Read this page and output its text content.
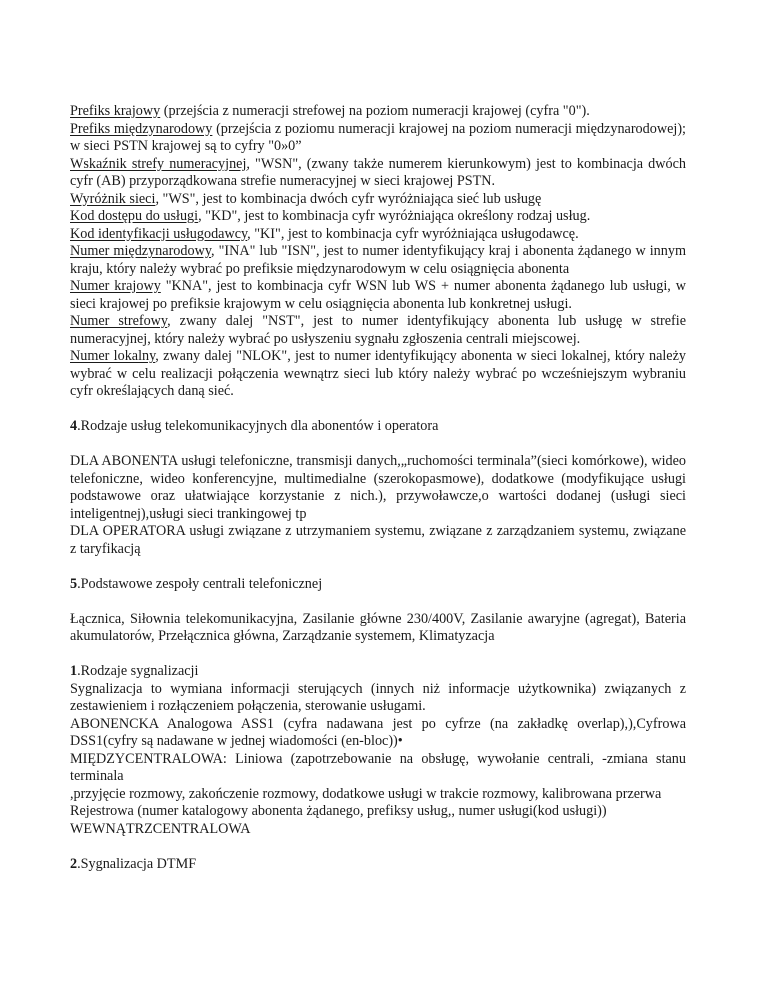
Prefiks krajowy (przejścia z numeracji strefowej na poziom numeracji krajowej (cyfra "0").

Prefiks międzynarodowy (przejścia z poziomu numeracji krajowej na poziom numeracji międzynarodowej); w sieci PSTN krajowej są to cyfry "0»0”

Wskaźnik strefy numeracyjnej, "WSN", (zwany także numerem kierunkowym) jest to kombinacja dwóch cyfr (AB) przyporządkowana strefie numeracyjnej w sieci krajowej PSTN.

Wyróżnik sieci, "WS", jest to kombinacja dwóch cyfr wyróżniająca sieć lub usługę

Kod dostępu do usługi, "KD", jest to kombinacja cyfr wyróżniająca określony rodzaj usług.

Kod identyfikacji usługodawcy, "KI", jest to kombinacja cyfr wyróżniająca usługodawcę.

Numer międzynarodowy, "INA" lub "ISN", jest to numer identyfikujący kraj i abonenta żądanego w innym kraju, który należy wybrać po prefiksie międzynarodowym w celu osiągnięcia abonenta

Numer krajowy "KNA", jest to kombinacja cyfr WSN lub WS + numer abonenta żądanego lub usługi, w sieci krajowej po prefiksie krajowym w celu osiągnięcia abonenta lub konkretnej usługi.

Numer strefowy, zwany dalej "NST", jest to numer identyfikujący abonenta lub usługę w strefie numeracyjnej, który należy wybrać po usłyszeniu sygnału zgłoszenia centrali miejscowej.

Numer lokalny, zwany dalej "NLOK", jest to numer identyfikujący abonenta w sieci lokalnej, który należy wybrać w celu realizacji połączenia wewnątrz sieci lub który należy wybrać po wcześniejszym wybraniu cyfr określających daną sieć.

4.Rodzaje usług telekomunikacyjnych dla abonentów i operatora

DLA ABONENTA usługi telefoniczne, transmisji danych,„ruchomości terminala”(sieci komórkowe), wideo telefoniczne, wideo konferencyjne, multimedialne (szerokopasmowe), dodatkowe (modyfikujące usługi podstawowe oraz ułatwiające korzystanie z nich.), przywoławcze,o wartości dodanej (usługi sieci inteligentnej),usługi sieci trankingowej tp

DLA OPERATORA usługi związane z utrzymaniem systemu, związane z zarządzaniem systemu, związane z taryfikacją

5.Podstawowe zespoły centrali telefonicznej

Łącznica, Siłownia telekomunikacyjna, Zasilanie główne 230/400V, Zasilanie awaryjne (agregat), Bateria akumulatorów, Przełącznica główna, Zarządzanie systemem, Klimatyzacja

1.Rodzaje sygnalizacji

Sygnalizacja to wymiana informacji sterujących (innych niż informacje użytkownika) związanych z zestawieniem i rozłączeniem połączenia, sterowanie usługami.

ABONENCKA Analogowa ASS1 (cyfra nadawana jest po cyfrze (na zakładkę overlap),),Cyfrowa DSS1(cyfry są nadawane w jednej wiadomości (en-bloc))•

MIĘDZYCENTRALOWA: Liniowa (zapotrzebowanie na obsługę, wywołanie centrali, -zmiana stanu terminala

,przyjęcie rozmowy, zakończenie rozmowy, dodatkowe usługi w trakcie rozmowy, kalibrowana przerwa

Rejestrowa (numer katalogowy abonenta żądanego, prefiksy usług,, numer usługi(kod usługi))

WEWNĄTRZCENTRALOWA

2.Sygnalizacja DTMF
